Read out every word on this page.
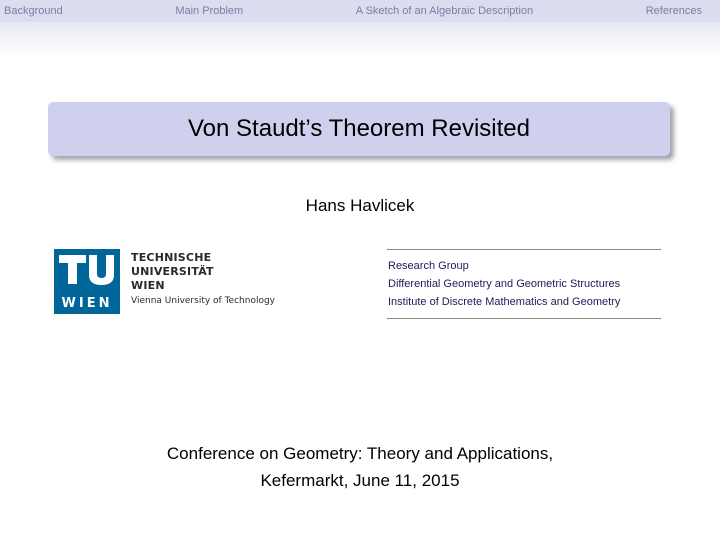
Background	Main Problem	A Sketch of an Algebraic Description	References
Von Staudt’s Theorem Revisited
Hans Havlicek
WIEN
TECHNISCHE
UNIVERSITÄT
WIEN
Vienna University of Technology
Research Group
Differential Geometry and Geometric Structures
Institute of Discrete Mathematics and Geometry
Conference on Geometry: Theory and Applications,
Kefermarkt, June 11, 2015
